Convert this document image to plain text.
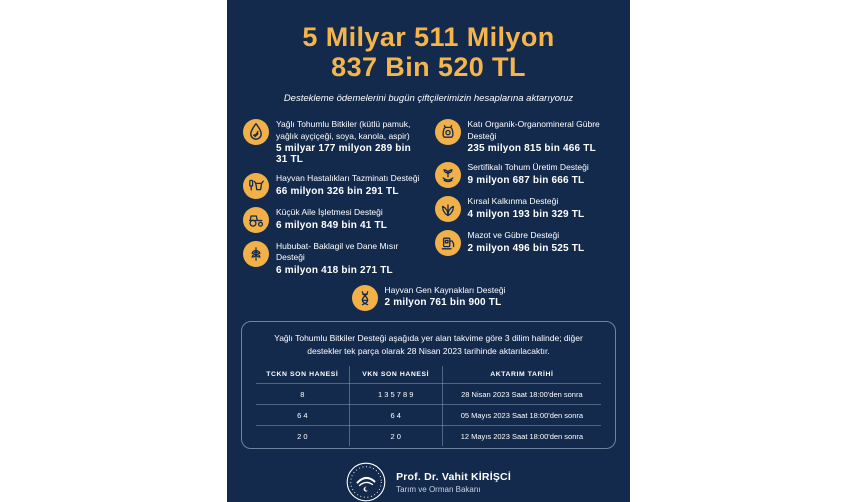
5 Milyar 511 Milyon
837 Bin 520 TL
Destekleme ödemelerini bugün çiftçilerimizin hesaplarına aktarıyoruz
Yağlı Tohumlu Bitkiler (kütlü pamuk, yağlık ayçiçeği, soya, kanola, aspir)
5 milyar 177 milyon 289 bin 31 TL
Hayvan Hastalıkları Tazminatı Desteği
66 milyon 326 bin 291 TL
Küçük Aile İşletmesi Desteği
6 milyon 849 bin 41 TL
Hububat- Baklagil ve Dane Mısır Desteği
6 milyon 418 bin 271 TL
Katı Organik-Organomineral Gübre Desteği
235 milyon 815 bin 466 TL
Sertifikalı Tohum Üretim Desteği
9 milyon 687 bin 666 TL
Kırsal Kalkınma Desteği
4 milyon 193 bin 329 TL
Mazot ve Gübre Desteği
2 milyon 496 bin 525 TL
Hayvan Gen Kaynakları Desteği
2 milyon 761 bin 900 TL
Yağlı Tohumlu Bitkiler Desteği aşağıda yer alan takvime göre 3 dilim halinde; diğer destekler tek parça olarak 28 Nisan 2023 tarihinde aktarılacaktır.
TCKN SON HANESİ	VKN SON HANESİ	AKTARIM TARİHİ
8	1 3 5 7 8 9	28 Nisan 2023 Saat 18:00'den sonra
6 4	6 4	05 Mayıs 2023 Saat 18:00'den sonra
2 0	2 0	12 Mayıs 2023 Saat 18:00'den sonra
Prof. Dr. Vahit KİRİŞCİ
Tarım ve Orman Bakanı
